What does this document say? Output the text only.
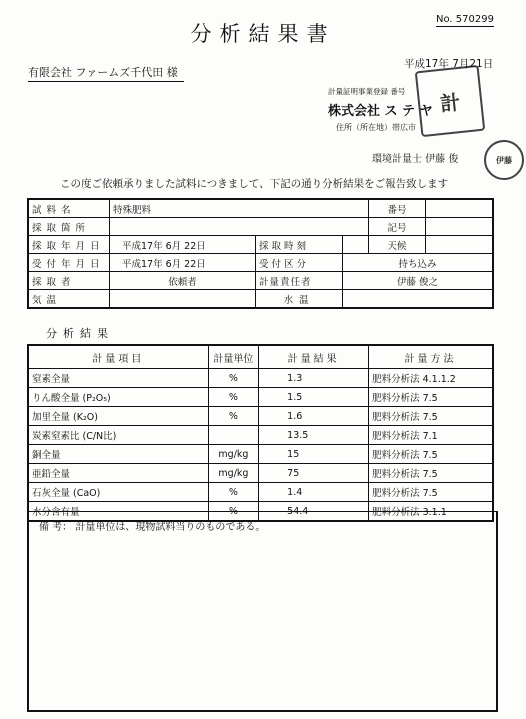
分析結果書
No. 570299
平成17年 7月21日
有限会社 ファームズ千代田 様
計量証明事業登録 番号
株式会社 ス テ ヤ
住所（所在地）帯広市
環境計量士 伊藤 俊
計
伊藤
この度ご依頼承りました試料につきまして、下記の通り分析結果をご報告致します
試料名	特殊肥料			番号	
採取箇所				記号	
採取年月日	平成17年 6月 22日	採取時刻		天候	
受付年月日	平成17年 6月 22日	受付区分	持ち込み		
採取者	依頼者	計量責任者	伊藤 俊之		
気温		水温			
分析結果
計量項目	計量単位	計量結果	計量方法
窒素全量	%	1.3	肥料分析法 4.1.1.2
りん酸全量 (P₂O₅)	%	1.5	肥料分析法 7.5
加里全量 (K₂O)	%	1.6	肥料分析法 7.5
炭素窒素比 (C/N比)		13.5	肥料分析法 7.1
銅全量	mg/kg	15	肥料分析法 7.5
亜鉛全量	mg/kg	75	肥料分析法 7.5
石灰全量 (CaO)	%	1.4	肥料分析法 7.5
水分含有量	%	54.4	肥料分析法 3.1.1
備 考： 計量単位は、現物試料当りのものである。
